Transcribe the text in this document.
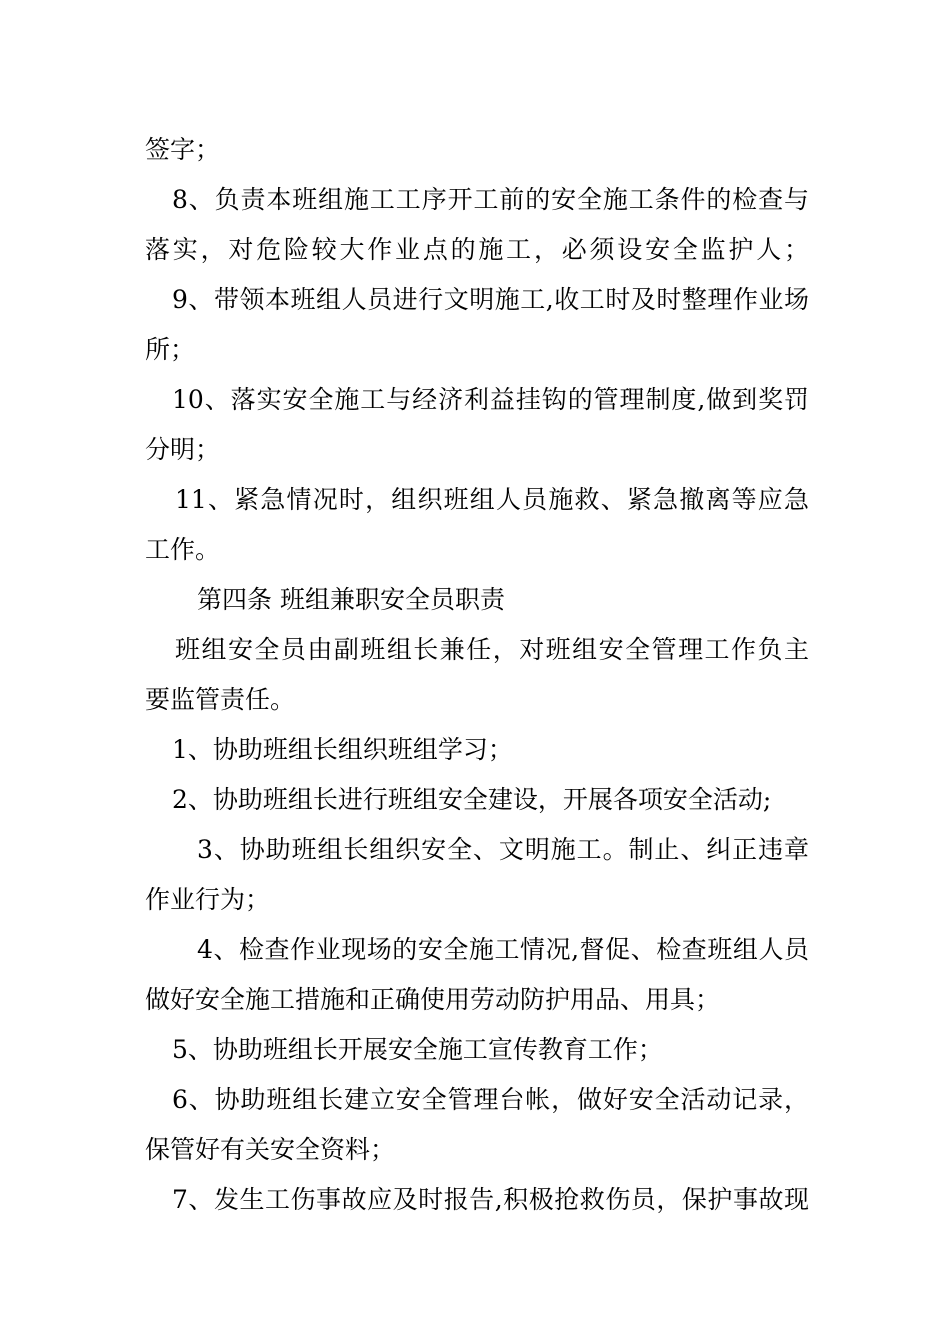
签字；
8、负责本班组施工工序开工前的安全施工条件的检查与
落实，对危险较大作业点的施工，必须设安全监护人；
9、带领本班组人员进行文明施工,收工时及时整理作业场
所；
10、落实安全施工与经济利益挂钩的管理制度,做到奖罚
分明；
11、紧急情况时，组织班组人员施救、紧急撤离等应急
工作。
第四条 班组兼职安全员职责
班组安全员由副班组长兼任，对班组安全管理工作负主
要监管责任。
1、协助班组长组织班组学习；
2、协助班组长进行班组安全建设，开展各项安全活动;
3、协助班组长组织安全、文明施工。制止、纠正违章
作业行为；
4、检查作业现场的安全施工情况,督促、检查班组人员
做好安全施工措施和正确使用劳动防护用品、用具；
5、协助班组长开展安全施工宣传教育工作；
6、协助班组长建立安全管理台帐，做好安全活动记录，
保管好有关安全资料；
7、发生工伤事故应及时报告,积极抢救伤员，保护事故现
